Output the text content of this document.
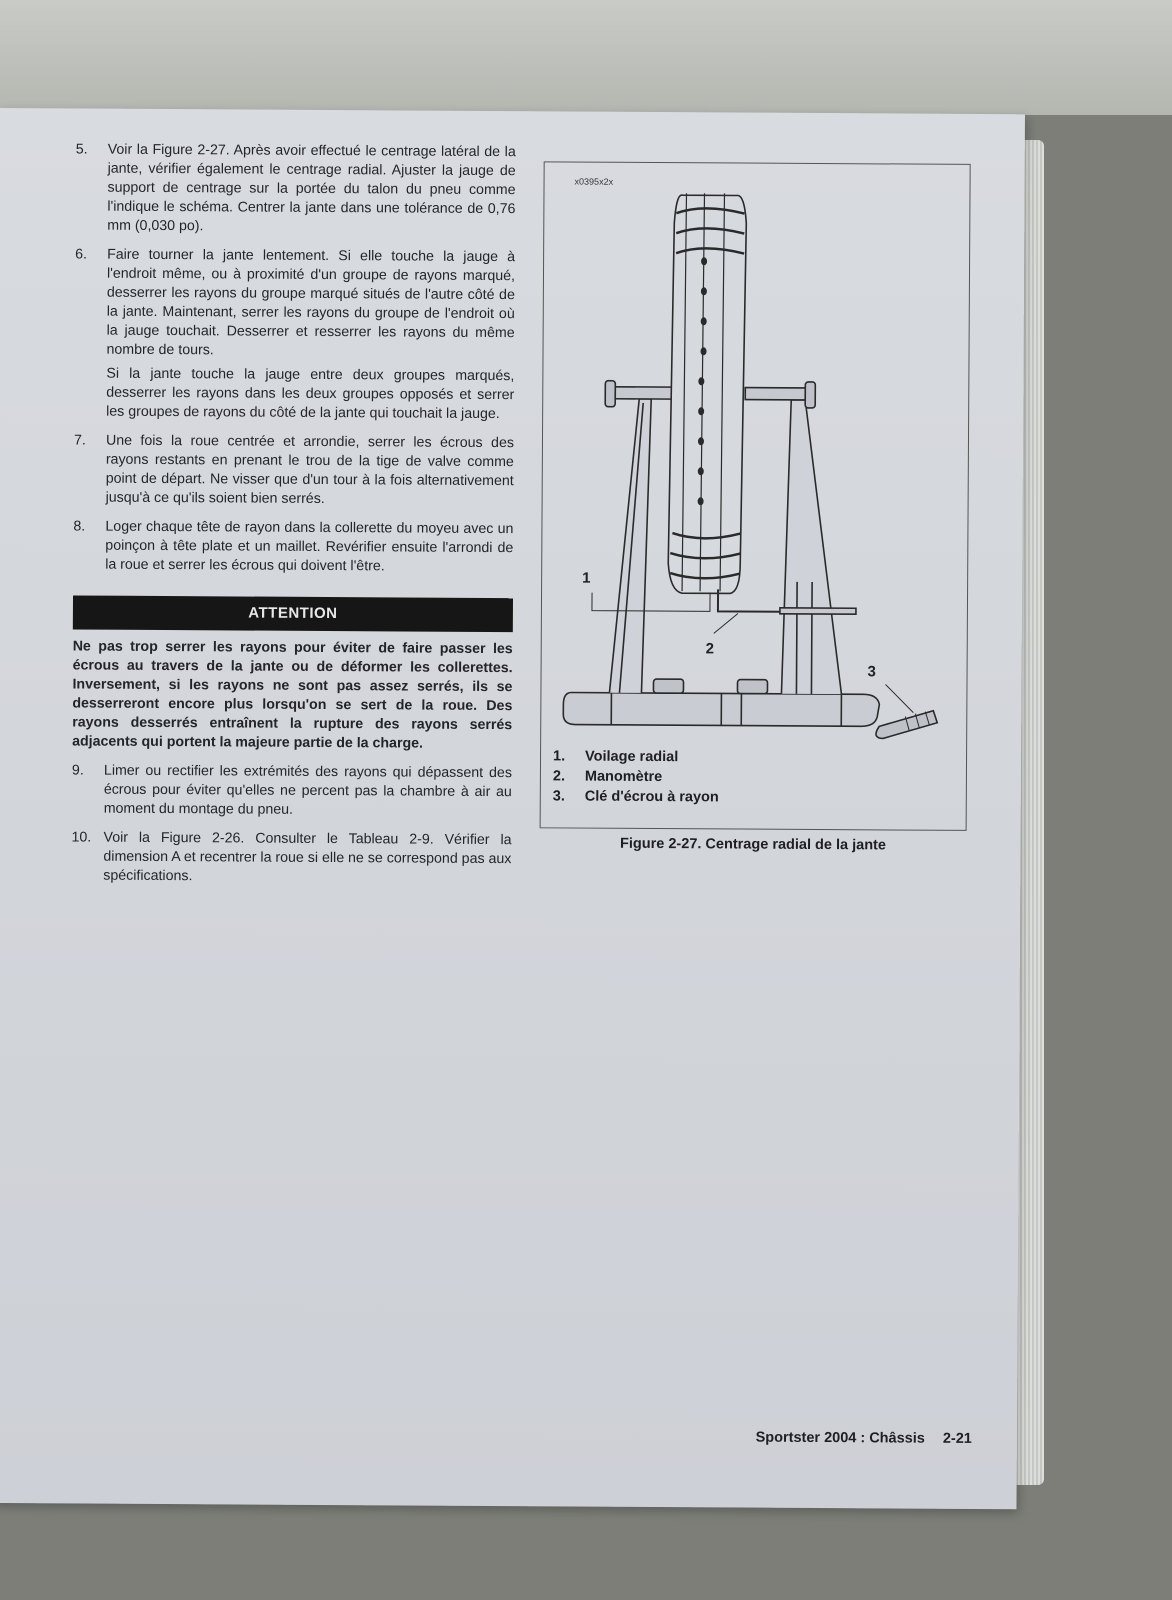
5.	Voir la Figure 2-27. Après avoir effectué le centrage latéral de la jante, vérifier également le centrage radial. Ajuster la jauge de support de centrage sur la portée du talon du pneu comme l'indique le schéma. Centrer la jante dans une tolérance de 0,76 mm (0,030 po).

6.	Faire tourner la jante lentement. Si elle touche la jauge à l'endroit même, ou à proximité d'un groupe de rayons marqué, desserrer les rayons du groupe marqué situés de l'autre côté de la jante. Maintenant, serrer les rayons du groupe de l'endroit où la jauge touchait. Desserrer et resserrer les rayons du même nombre de tours.

Si la jante touche la jauge entre deux groupes marqués, desserrer les rayons dans les deux groupes opposés et serrer les groupes de rayons du côté de la jante qui touchait la jauge.

7.	Une fois la roue centrée et arrondie, serrer les écrous des rayons restants en prenant le trou de la tige de valve comme point de départ. Ne visser que d'un tour à la fois alternativement jusqu'à ce qu'ils soient bien serrés.

8.	Loger chaque tête de rayon dans la collerette du moyeu avec un poinçon à tête plate et un maillet. Revérifier ensuite l'arrondi de la roue et serrer les écrous qui doivent l'être.

ATTENTION

Ne pas trop serrer les rayons pour éviter de faire passer les écrous au travers de la jante ou de déformer les collerettes. Inversement, si les rayons ne sont pas assez serrés, ils se desserreront encore plus lorsqu'on se sert de la roue. Des rayons desserrés entraînent la rupture des rayons serrés adjacents qui portent la majeure partie de la charge.

9.	Limer ou rectifier les extrémités des rayons qui dépassent des écrous pour éviter qu'elles ne percent pas la chambre à air au moment du montage du pneu.

10. Voir la Figure 2-26. Consulter le Tableau 2-9. Vérifier la dimension A et recentrer la roue si elle ne se correspond pas aux spécifications.

x0395x2x
1
2
3
1.	Voilage radial
2.	Manomètre
3.	Clé d'écrou à rayon
Figure 2-27. Centrage radial de la jante
Sportster 2004 : Châssis 2-21
